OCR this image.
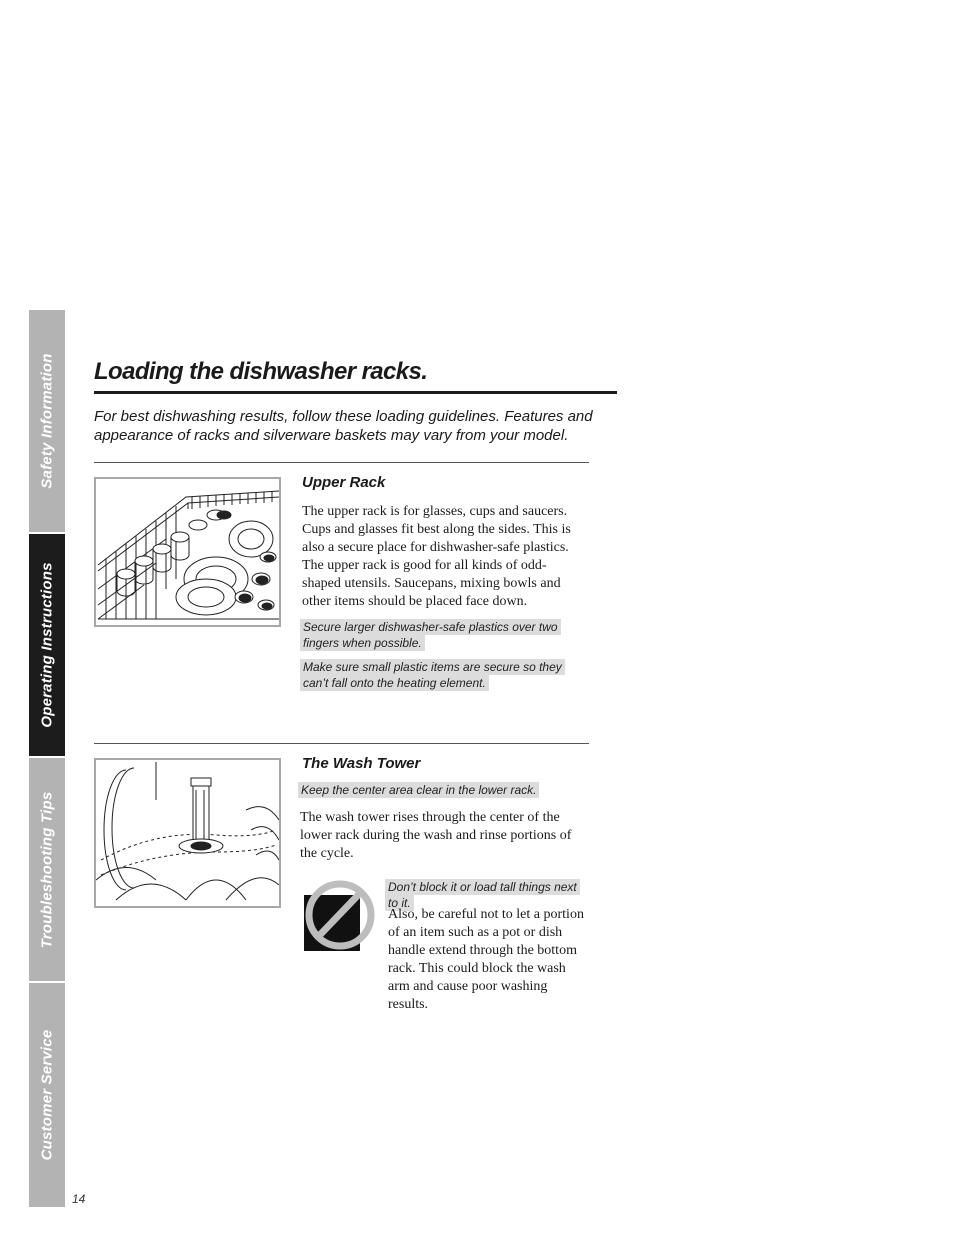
Safety Information
Operating Instructions
Troubleshooting Tips
Customer Service
Loading the dishwasher racks.

For best dishwashing results, follow these loading guidelines. Features and appearance of racks and silverware baskets may vary from your model.

Upper Rack

The upper rack is for glasses, cups and saucers. Cups and glasses fit best along the sides. This is also a secure place for dishwasher-safe plastics. The upper rack is good for all kinds of odd-shaped utensils. Saucepans, mixing bowls and other items should be placed face down.

Secure larger dishwasher-safe plastics over two fingers when possible.

Make sure small plastic items are secure so they can’t fall onto the heating element.

The Wash Tower

Keep the center area clear in the lower rack.

The wash tower rises through the center of the lower rack during the wash and rinse portions of the cycle.

Don’t block it or load tall things next to it.

Also, be careful not to let a portion of an item such as a pot or dish handle extend through the bottom rack. This could block the wash arm and cause poor washing results.

14
